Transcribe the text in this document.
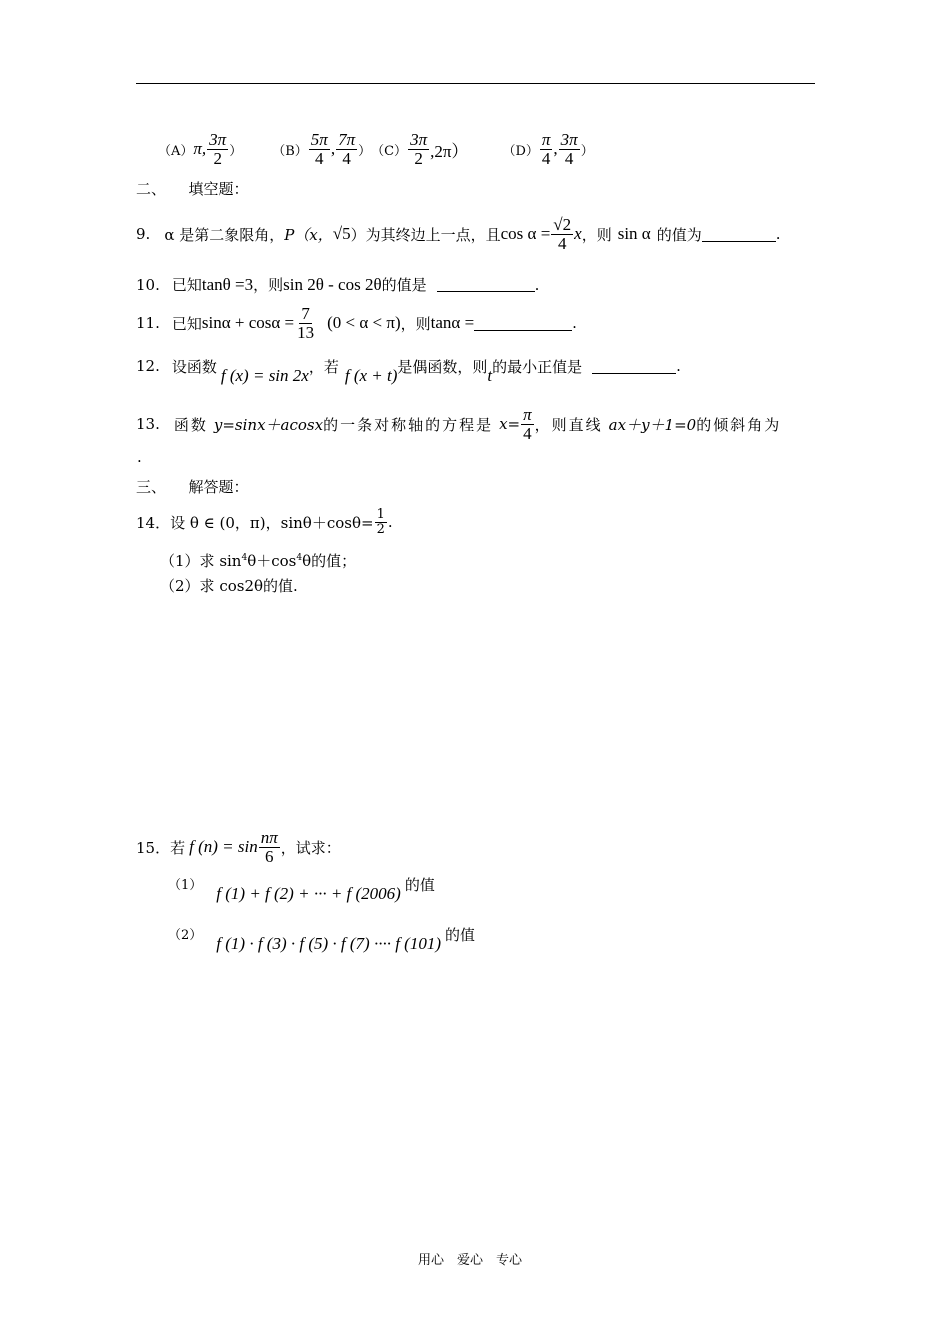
（A） π, $\frac{3\pi}{2}$ ） $(B) \frac{5\pi}{4}$ , $\frac{7\pi}{4}$ ） $(C) \frac{3\pi}{2} ,2\pi$）	$(D) \frac{\pi}{4}$ , $\frac{3\pi}{4}$ ）
二、　　填空题：
9. α 是第二象限角， P（x， √5 ）为其终边上一点，且 $\cos \alpha = \frac{√2}{4}$ x ，则 sin α 的值为	.
10. 已知 tanθ =3 ，则 sin 2θ - cos 2θ 的值是	.
11. 已知 $\sin\alpha + \cos\alpha = \frac{7}{13} (0 < \alpha < \pi)$ ，则 tanα =	.
12. 设函数 f (x) = sin 2x ，若 f (x + t) 是偶函数，则 t 的最小正值是	.
13. 函数 y=sinx＋acosx 的一条对称轴的方程是 $x= \frac{\pi}{4}$ ，则直线 ax＋y＋1=0 的倾斜角为
.
三、　　解答题：
14． 设 θ ∈ (0，π)，$\sin\theta+\cos\theta= \frac{1}{2}$ .
（1）求 $\sin^4\theta+\cos^4\theta$的值；
（2）求 cos2θ的值.
15． 若 f $(n) = \sin \frac{n\pi}{6}$ ，试求：
（1） f (1) + f (2) + ··· + f (2006) 的值
（2） f (1) · f (3) · f (5) · f (7) ···· f (101) 的值
用心　爱心　专心
